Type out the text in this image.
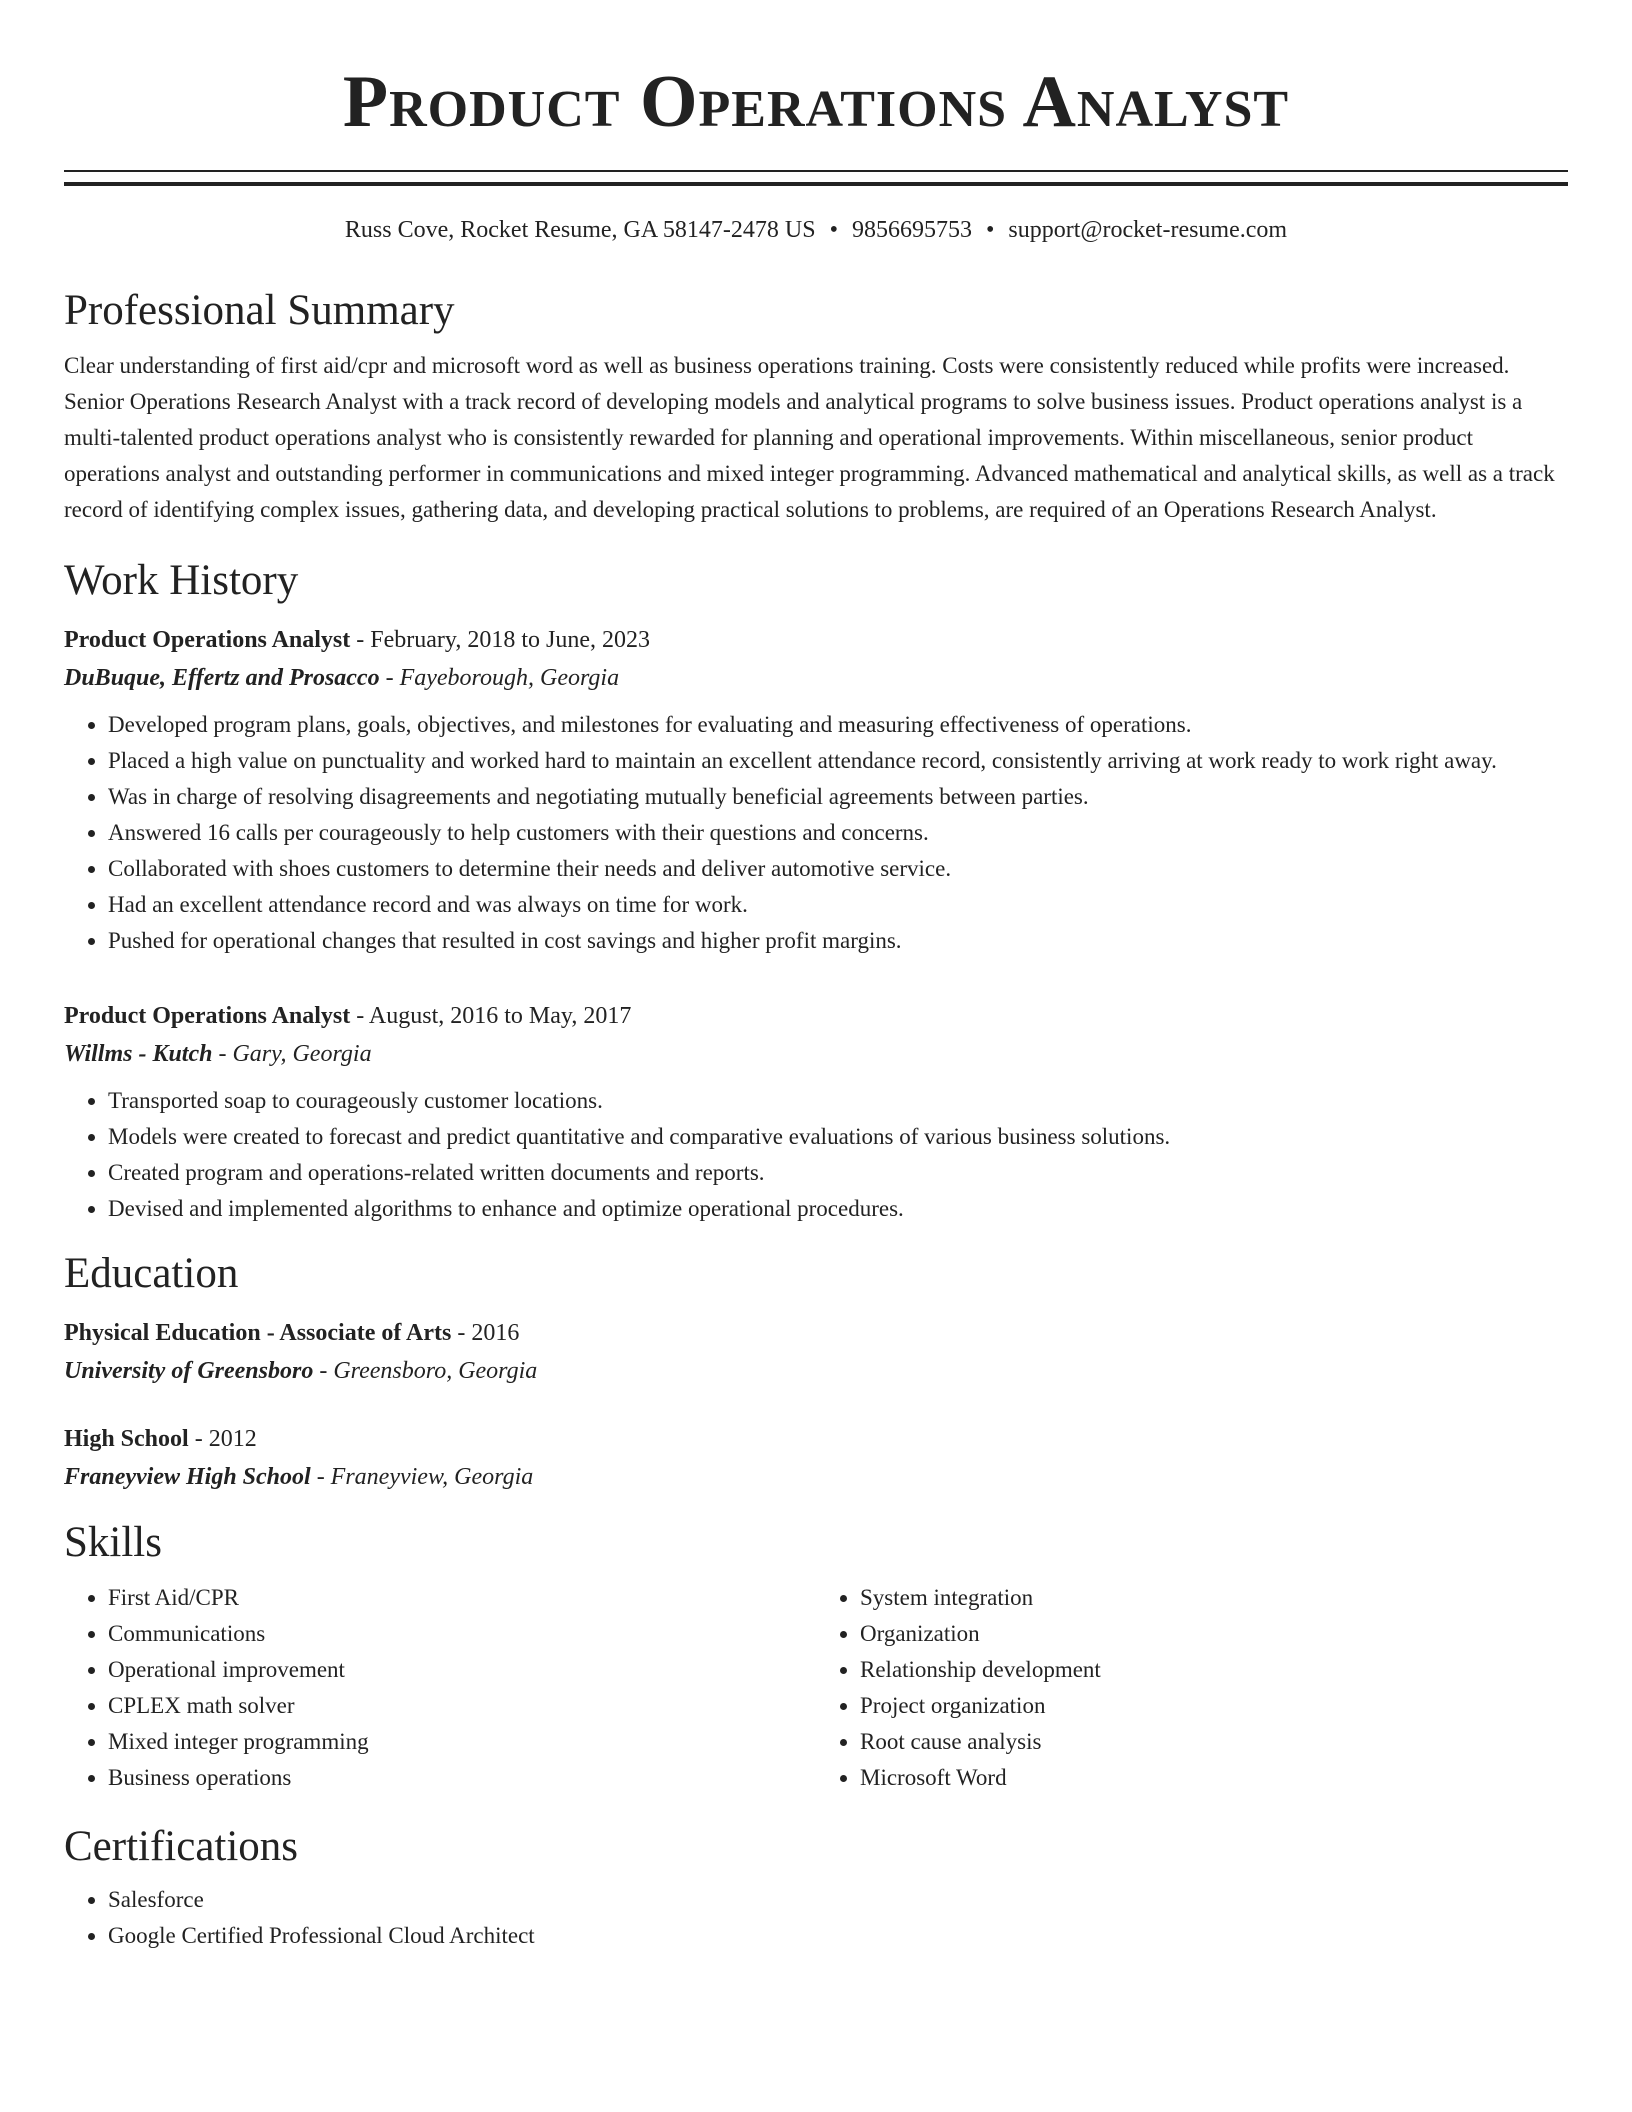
Product Operations Analyst
Russ Cove, Rocket Resume, GA 58147-2478 US • 9856695753 • support@rocket-resume.com
Professional Summary

Clear understanding of first aid/cpr and microsoft word as well as business operations training. Costs were consistently reduced while profits were increased. Senior Operations Research Analyst with a track record of developing models and analytical programs to solve business issues. Product operations analyst is a multi-talented product operations analyst who is consistently rewarded for planning and operational improvements. Within miscellaneous, senior product operations analyst and outstanding performer in communications and mixed integer programming. Advanced mathematical and analytical skills, as well as a track record of identifying complex issues, gathering data, and developing practical solutions to problems, are required of an Operations Research Analyst.

Work History
Product Operations Analyst - February, 2018 to June, 2023
DuBuque, Effertz and Prosacco - Fayeborough, Georgia
• Developed program plans, goals, objectives, and milestones for evaluating and measuring effectiveness of operations.
• Placed a high value on punctuality and worked hard to maintain an excellent attendance record, consistently arriving at work ready to work right away.
• Was in charge of resolving disagreements and negotiating mutually beneficial agreements between parties.
• Answered 16 calls per courageously to help customers with their questions and concerns.
• Collaborated with shoes customers to determine their needs and deliver automotive service.
• Had an excellent attendance record and was always on time for work.
• Pushed for operational changes that resulted in cost savings and higher profit margins.
Product Operations Analyst - August, 2016 to May, 2017
Willms - Kutch - Gary, Georgia
• Transported soap to courageously customer locations.
• Models were created to forecast and predict quantitative and comparative evaluations of various business solutions.
• Created program and operations-related written documents and reports.
• Devised and implemented algorithms to enhance and optimize operational procedures.
Education
Physical Education - Associate of Arts - 2016
University of Greensboro - Greensboro, Georgia
High School - 2012
Franeyview High School - Franeyview, Georgia
Skills
• First Aid/CPR
• Communications
• Operational improvement
• CPLEX math solver
• Mixed integer programming
• Business operations
• System integration
• Organization
• Relationship development
• Project organization
• Root cause analysis
• Microsoft Word
Certifications
• Salesforce
• Google Certified Professional Cloud Architect
